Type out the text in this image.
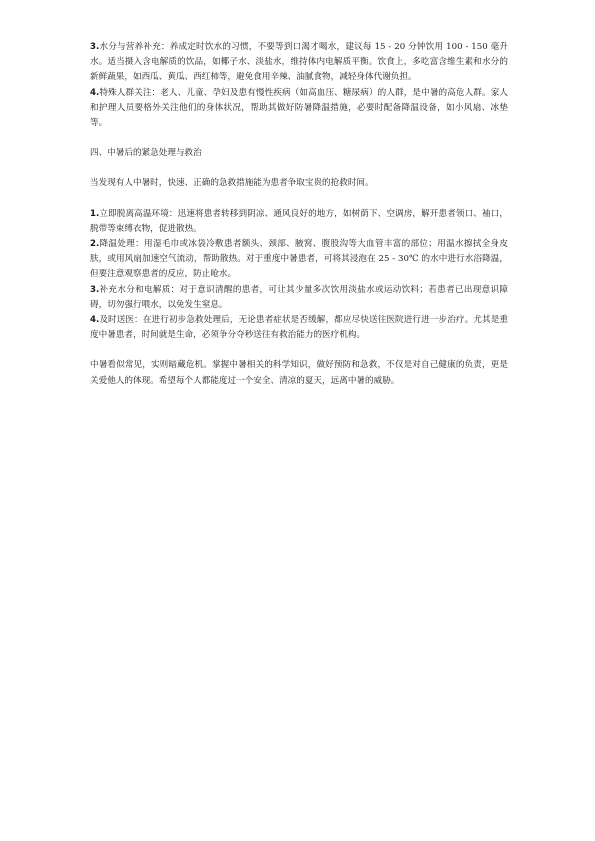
3.水分与营养补充：养成定时饮水的习惯，不要等到口渴才喝水，建议每 15 - 20 分钟饮用 100 - 150 毫升水。适当摄入含电解质的饮品，如椰子水、淡盐水，维持体内电解质平衡。饮食上，多吃富含维生素和水分的新鲜蔬果，如西瓜、黄瓜、西红柿等，避免食用辛辣、油腻食物，减轻身体代谢负担。

4.特殊人群关注：老人、儿童、孕妇及患有慢性疾病（如高血压、糖尿病）的人群，是中暑的高危人群。家人和护理人员要格外关注他们的身体状况，帮助其做好防暑降温措施，必要时配备降温设备，如小风扇、冰垫等。

四、中暑后的紧急处理与救治

当发现有人中暑时，快速、正确的急救措施能为患者争取宝贵的抢救时间。

1.立即脱离高温环境：迅速将患者转移到阴凉、通风良好的地方，如树荫下、空调房，解开患者领口、袖口，脱带等束缚衣物，促进散热。

2.降温处理：用湿毛巾或冰袋冷敷患者额头、颈部、腋窝、腹股沟等大血管丰富的部位；用温水擦拭全身皮肤，或用风扇加速空气流动，帮助散热。对于重度中暑患者，可将其浸泡在 25 - 30℃ 的水中进行水浴降温，但要注意观察患者的反应，防止呛水。

3.补充水分和电解质：对于意识清醒的患者，可让其少量多次饮用淡盐水或运动饮料；若患者已出现意识障碍，切勿强行喂水，以免发生窒息。

4.及时送医：在进行初步急救处理后，无论患者症状是否缓解，都应尽快送往医院进行进一步治疗。尤其是重度中暑患者，时间就是生命，必须争分夺秒送往有救治能力的医疗机构。

中暑看似常见，实则暗藏危机。掌握中暑相关的科学知识，做好预防和急救，不仅是对自己健康的负责，更是关爱他人的体现。希望每个人都能度过一个安全、清凉的夏天，远离中暑的威胁。
